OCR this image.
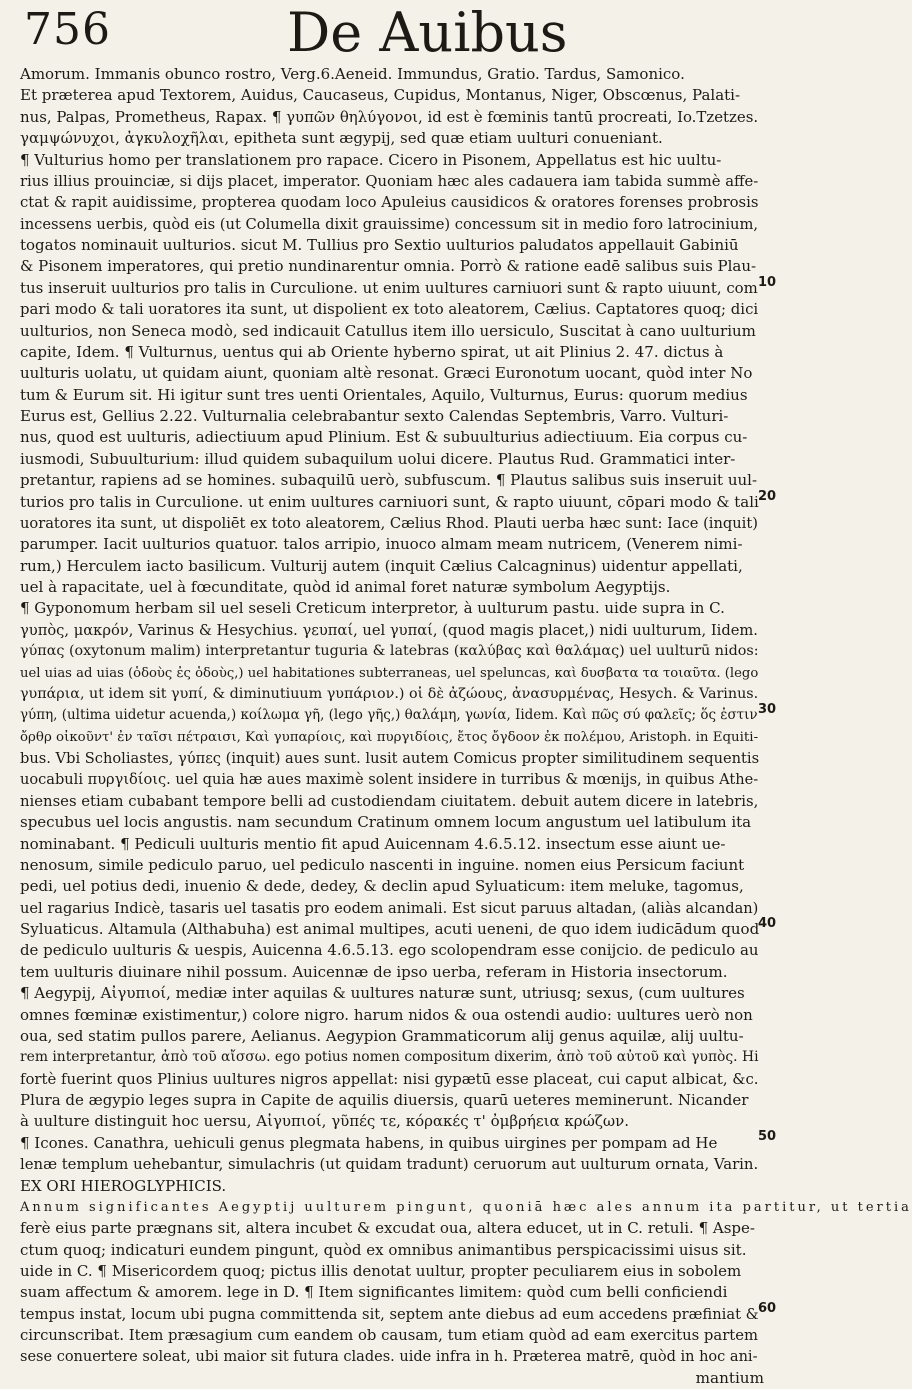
756	De Auibus
Amorum. Immanis obunco rostro, Verg.6.Aeneid. Immundus, Gratio. Tardus, Samonico.
Et præterea apud Textorem, Auidus, Caucaseus, Cupidus, Montanus, Niger, Obscœnus, Palati-
nus, Palpas, Prometheus, Rapax. ¶ γυπῶν θηλύγονοι, id est è fœminis tantū procreati, Io.Tzetzes.
γαμψώνυχοι, ἀγκυλοχῆλαι, epitheta sunt ægypij, sed quæ etiam uulturi conueniant.
¶ Vulturius homo per translationem pro rapace. Cicero in Pisonem, Appellatus est hic uultu-
rius illius prouinciæ, si dijs placet, imperator. Quoniam hæc ales cadauera iam tabida summè affe-
ctat & rapit auidissime, propterea quodam loco Apuleius causidicos & oratores forenses probrosis
incessens uerbis, quòd eis (ut Columella dixit grauissime) concessum sit in medio foro latrocinium,
togatos nominauit uulturios. sicut M. Tullius pro Sextio uulturios paludatos appellauit Gabiniū
& Pisonem imperatores, qui pretio nundinarentur omnia. Porrò & ratione eadē salibus suis Plau-
tus inseruit uulturios pro talis in Curculione. ut enim uultures carniuori sunt & rapto uiuunt, com
pari modo & tali uoratores ita sunt, ut dispolient ex toto aleatorem, Cælius. Captatores quoq; dici
uulturios, non Seneca modò, sed indicauit Catullus item illo uersiculo, Suscitat à cano uulturium
capite, Idem. ¶ Vulturnus, uentus qui ab Oriente hyberno spirat, ut ait Plinius 2. 47. dictus à
uulturis uolatu, ut quidam aiunt, quoniam altè resonat. Græci Euronotum uocant, quòd inter No
tum & Eurum sit. Hi igitur sunt tres uenti Orientales, Aquilo, Vulturnus, Eurus: quorum medius
Eurus est, Gellius 2.22. Vulturnalia celebrabantur sexto Calendas Septembris, Varro. Vulturi-
nus, quod est uulturis, adiectiuum apud Plinium. Est & subuulturius adiectiuum. Eia corpus cu-
iusmodi, Subuulturium: illud quidem subaquilum uolui dicere. Plautus Rud. Grammatici inter-
pretantur, rapiens ad se homines. subaquilū uerò, subfuscum. ¶ Plautus salibus suis inseruit uul-
turios pro talis in Curculione. ut enim uultures carniuori sunt, & rapto uiuunt, cōpari modo & tali
uoratores ita sunt, ut dispoliēt ex toto aleatorem, Cælius Rhod. Plauti uerba hæc sunt: Iace (inquit)
parumper. Iacit uulturios quatuor. talos arripio, inuoco almam meam nutricem, (Venerem nimi-
rum,) Herculem iacto basilicum. Vulturij autem (inquit Cælius Calcagninus) uidentur appellati,
uel à rapacitate, uel à fœcunditate, quòd id animal foret naturæ symbolum Aegyptijs.
¶ Gyponomum herbam sil uel seseli Creticum interpretor, à uulturum pastu. uide supra in C.
γυπὸς, μακρόν, Varinus & Hesychius. γευπαί, uel γυπαί, (quod magis placet,) nidi uulturum, Iidem.
γύπας (oxytonum malim) interpretantur tuguria & latebras (καλύβας καὶ θαλάμας) uel uulturū nidos:
uel uias ad uias (ὁδοὺς ἐς ὁδοὺς,) uel habitationes subterraneas, uel speluncas, καὶ δυσβατα τα τοιαῦτα. (lego
γυπάρια, ut idem sit γυπί, & diminutiuum γυπάριον.) οἱ δὲ ἀζώους, ἀνασυρμένας, Hesych. & Varinus.
γύπη, (ultima uidetur acuenda,) κοίλωμα γῆ, (lego γῆς,) θαλάμη, γωνία, Iidem. Καὶ πῶς σύ φαλεῖς; ὅς ἐστιν
ὄρθρ οἰκοῦντ' ἐν ταῖσι πέτραισι, Καὶ γυπαρίοις, καὶ πυργιδίοις, ἔτος ὄγδοον ἐκ πολέμου, Aristoph. in Equiti-
bus. Vbi Scholiastes, γύπες (inquit) aues sunt. lusit autem Comicus propter similitudinem sequentis
uocabuli πυργιδίοις. uel quia hæ aues maximè solent insidere in turribus & mœnijs, in quibus Athe-
nienses etiam cubabant tempore belli ad custodiendam ciuitatem. debuit autem dicere in latebris,
specubus uel locis angustis. nam secundum Cratinum omnem locum angustum uel latibulum ita
nominabant. ¶ Pediculi uulturis mentio fit apud Auicennam 4.6.5.12. insectum esse aiunt ue-
nenosum, simile pediculo paruo, uel pediculo nascenti in inguine. nomen eius Persicum faciunt
pedi, uel potius dedi, inuenio & dede, dedey, & declin apud Syluaticum: item meluke, tagomus,
uel ragarius Indicè, tasaris uel tasatis pro eodem animali. Est sicut paruus altadan, (aliàs alcandan)
Syluaticus. Altamula (Althabuha) est animal multipes, acuti ueneni, de quo idem iudicādum quod
de pediculo uulturis & uespis, Auicenna 4.6.5.13. ego scolopendram esse conijcio. de pediculo au
tem uulturis diuinare nihil possum. Auicennæ de ipso uerba, referam in Historia insectorum.
¶ Aegypij, Αἰγυπιοί, mediæ inter aquilas & uultures naturæ sunt, utriusq; sexus, (cum uultures
omnes fœminæ existimentur,) colore nigro. harum nidos & oua ostendi audio: uultures uerò non
oua, sed statim pullos parere, Aelianus. Aegypion Grammaticorum alij genus aquilæ, alij uultu-
rem interpretantur, ἀπὸ τοῦ αἴσσω. ego potius nomen compositum dixerim, ἀπὸ τοῦ αὐτοῦ καὶ γυπὸς. Hi
fortè fuerint quos Plinius uultures nigros appellat: nisi gypætū esse placeat, cui caput albicat, &c.
Plura de ægypio leges supra in Capite de aquilis diuersis, quarū ueteres meminerunt. Nicander
à uulture distinguit hoc uersu, Αἰγυπιοί, γῦπές τε, κόρακές τ' ὀμβρήεια κρώζων.
¶ Icones. Canathra, uehiculi genus plegmata habens, in quibus uirgines per pompam ad He
lenæ templum uehebantur, simulachris (ut quidam tradunt) ceruorum aut uulturum ornata, Varin.
EX ORI HIEROGLYPHICIS.
Annum significantes Aegyptij uulturem pingunt, quoniā hæc ales annum ita partitur, ut tertia
ferè eius parte prægnans sit, altera incubet & excudat oua, altera educet, ut in C. retuli. ¶ Aspe-
ctum quoq; indicaturi eundem pingunt, quòd ex omnibus animantibus perspicacissimi uisus sit.
uide in C. ¶ Misericordem quoq; pictus illis denotat uultur, propter peculiarem eius in sobolem
suam affectum & amorem. lege in D. ¶ Item significantes limitem: quòd cum belli conficiendi
tempus instat, locum ubi pugna committenda sit, septem ante diebus ad eum accedens præfiniat &
circunscribat. Item præsagium cum eandem ob causam, tum etiam quòd ad eam exercitus partem
sese conuertere soleat, ubi maior sit futura clades. uide infra in h. Præterea matrē, quòd in hoc ani-
mantium
10
20
30
40
50
60
